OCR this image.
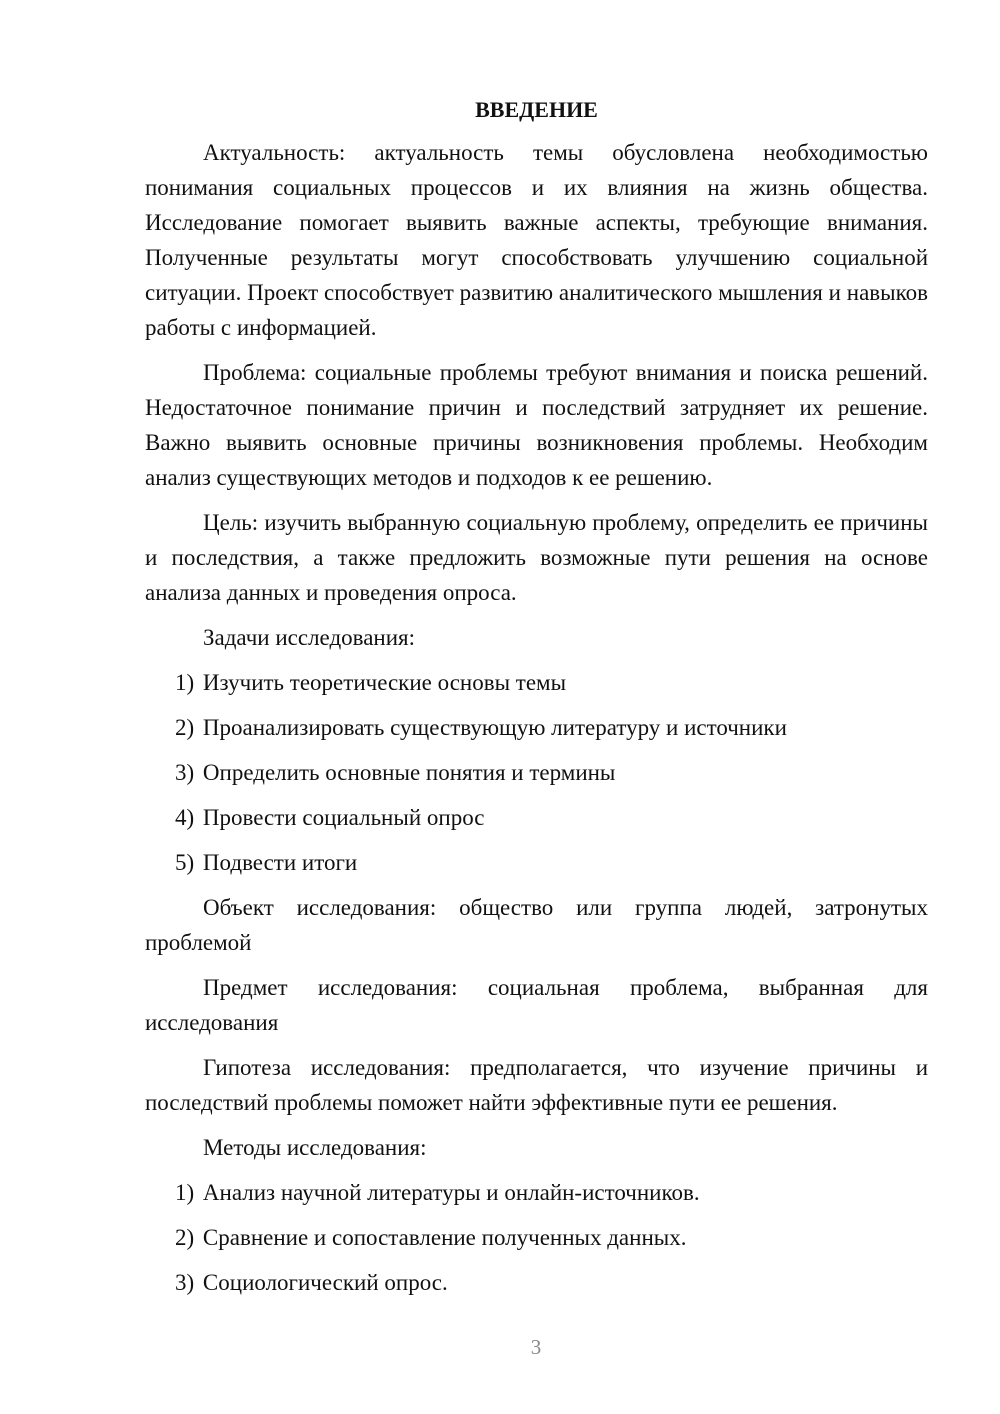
ВВЕДЕНИЕ

Актуальность: актуальность темы обусловлена необходимостью понимания социальных процессов и их влияния на жизнь общества. Исследование помогает выявить важные аспекты, требующие внимания. Полученные результаты могут способствовать улучшению социальной ситуации. Проект способствует развитию аналитического мышления и навыков работы с информацией.

Проблема: социальные проблемы требуют внимания и поиска решений. Недостаточное понимание причин и последствий затрудняет их решение. Важно выявить основные причины возникновения проблемы. Необходим анализ существующих методов и подходов к ее решению.

Цель: изучить выбранную социальную проблему, определить ее причины и последствия, а также предложить возможные пути решения на основе анализа данных и проведения опроса.

Задачи исследования:

1) Изучить теоретические основы темы

2) Проанализировать существующую литературу и источники

3) Определить основные понятия и термины

4) Провести социальный опрос

5) Подвести итоги

Объект исследования: общество или группа людей, затронутых проблемой

Предмет исследования: социальная проблема, выбранная для исследования

Гипотеза исследования: предполагается, что изучение причины и последствий проблемы поможет найти эффективные пути ее решения.

Методы исследования:

1) Анализ научной литературы и онлайн-источников.

2) Сравнение и сопоставление полученных данных.

3) Социологический опрос.

3
